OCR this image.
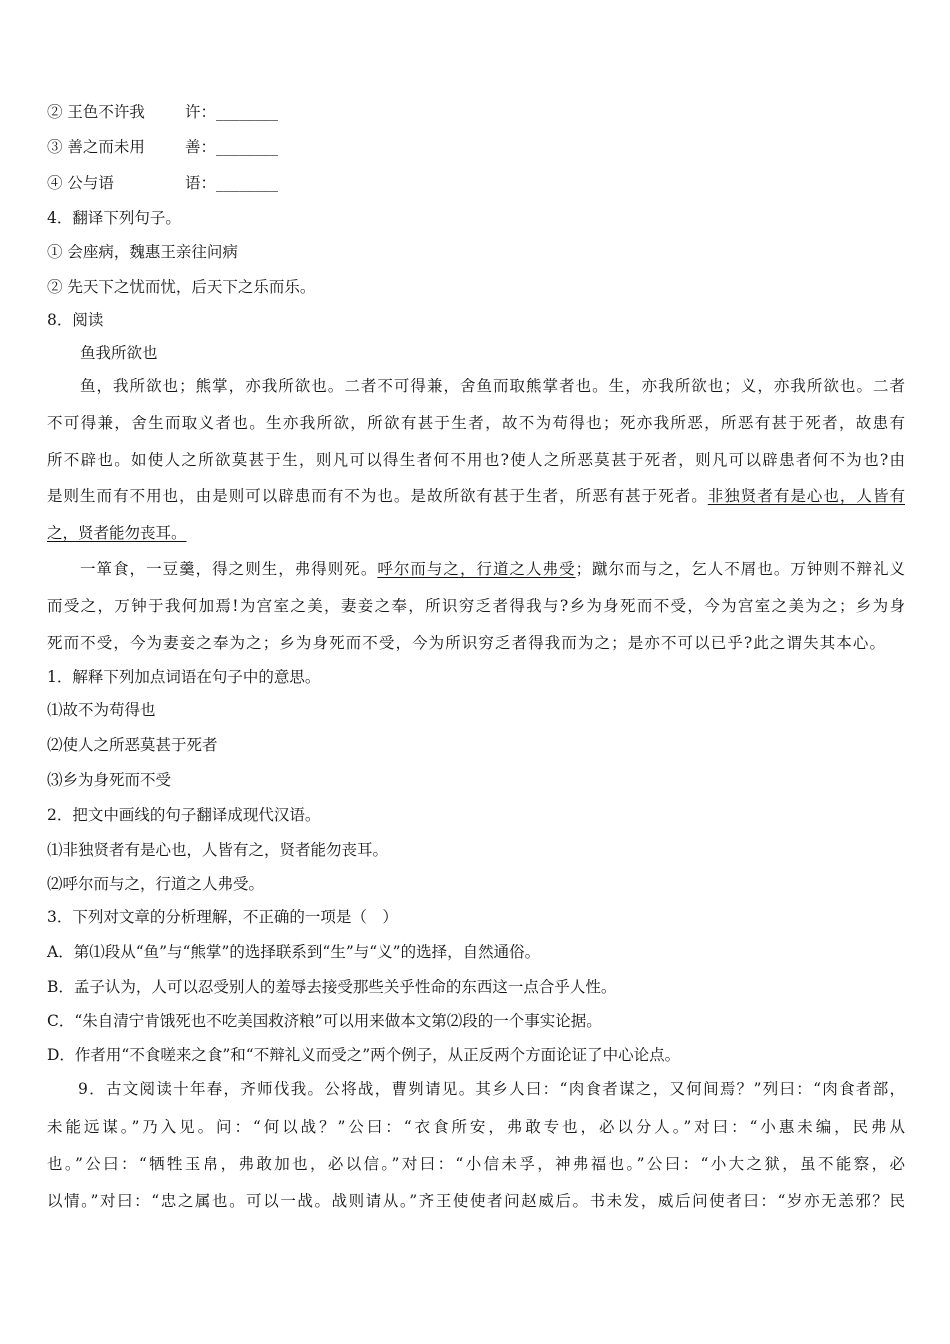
② 王色不许我	许：________
③ 善之而未用	善：________
④ 公与语	语：________
4．翻译下列句子。
① 会座病，魏惠王亲往问病
② 先天下之忧而忧，后天下之乐而乐。
8．阅读
鱼我所欲也
鱼，我所欲也；熊掌，亦我所欲也。二者不可得兼，舍鱼而取熊掌者也。生，亦我所欲也；义，亦我所欲也。二者
不可得兼，舍生而取义者也。生亦我所欲，所欲有甚于生者，故不为苟得也；死亦我所恶，所恶有甚于死者，故患有
所不辟也。如使人之所欲莫甚于生，则凡可以得生者何不用也?使人之所恶莫甚于死者，则凡可以辟患者何不为也?由
是则生而有不用也，由是则可以辟患而有不为也。是故所欲有甚于生者，所恶有甚于死者。非独贤者有是心也，人皆有
之，贤者能勿丧耳。
一箪食，一豆羹，得之则生，弗得则死。呼尔而与之，行道之人弗受；蹴尔而与之，乞人不屑也。万钟则不辩礼义
而受之，万钟于我何加焉!为宫室之美，妻妾之奉，所识穷乏者得我与?乡为身死而不受，今为宫室之美为之；乡为身
死而不受，今为妻妾之奉为之；乡为身死而不受，今为所识穷乏者得我而为之；是亦不可以已乎?此之谓失其本心。
1．解释下列加点词语在句子中的意思。
⑴故不为苟得也
⑵使人之所恶莫甚于死者
⑶乡为身死而不受
2．把文中画线的句子翻译成现代汉语。
⑴非独贤者有是心也，人皆有之，贤者能勿丧耳。
⑵呼尔而与之，行道之人弗受。
3．下列对文章的分析理解，不正确的一项是（　）
A．第⑴段从“鱼”与“熊掌”的选择联系到“生”与“义”的选择，自然通俗。
B．孟子认为，人可以忍受别人的羞辱去接受那些关乎性命的东西这一点合乎人性。
C．“朱自清宁肯饿死也不吃美国救济粮”可以用来做本文第⑵段的一个事实论据。
D．作者用“不食嗟来之食”和“不辩礼义而受之”两个例子，从正反两个方面论证了中心论点。
9．古文阅读十年春，齐师伐我。公将战，曹刿请见。其乡人曰：“肉食者谋之，又何间焉？”列曰：“肉食者部，
未能远谋。”乃入见。问：“何以战？”公曰：“衣食所安，弗敢专也，必以分人。”对曰：“小惠未编，民弗从
也。”公曰：“牺牲玉帛，弗敢加也，必以信。”对曰：“小信未孚，神弗福也。”公曰：“小大之狱，虽不能察，必
以情。”对曰：“忠之属也。可以一战。战则请从。”齐王使使者问赵威后。书未发，威后问使者曰：“岁亦无恙邪？民
